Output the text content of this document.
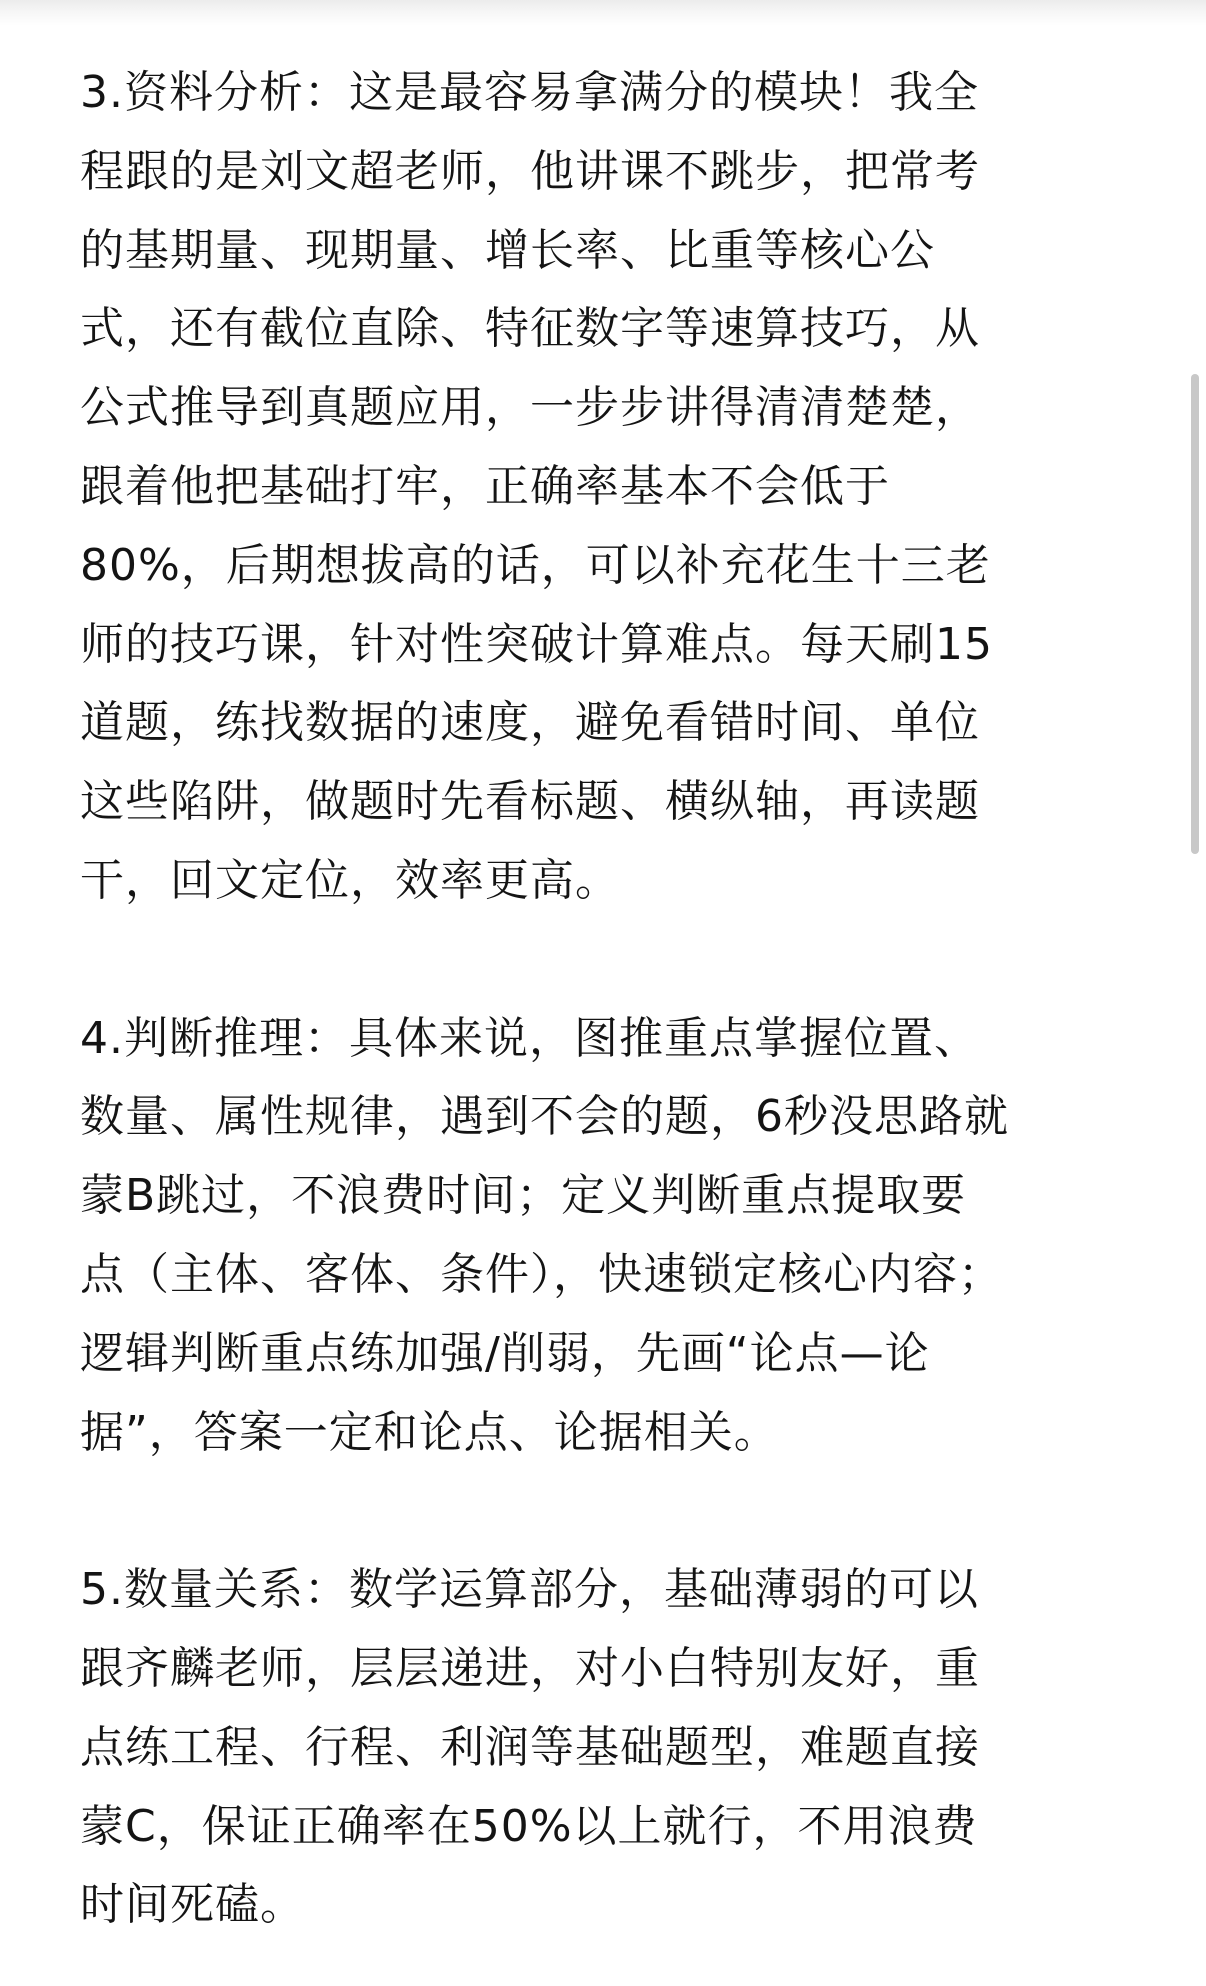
3.资料分析：这是最容易拿满分的模块！我全
程跟的是刘文超老师，他讲课不跳步，把常考
的基期量、现期量、增长率、比重等核心公
式，还有截位直除、特征数字等速算技巧，从
公式推导到真题应用，一步步讲得清清楚楚，
跟着他把基础打牢，正确率基本不会低于
80%，后期想拔高的话，可以补充花生十三老
师的技巧课，针对性突破计算难点。每天刷15
道题，练找数据的速度，避免看错时间、单位
这些陷阱，做题时先看标题、横纵轴，再读题
干，回文定位，效率更高。
4.判断推理：具体来说，图推重点掌握位置、
数量、属性规律，遇到不会的题，6秒没思路就
蒙B跳过，不浪费时间；定义判断重点提取要
点（主体、客体、条件），快速锁定核心内容；
逻辑判断重点练加强/削弱，先画“论点—论
据”，答案一定和论点、论据相关。
5.数量关系：数学运算部分，基础薄弱的可以
跟齐麟老师，层层递进，对小白特别友好，重
点练工程、行程、利润等基础题型，难题直接
蒙C，保证正确率在50%以上就行，不用浪费
时间死磕。
